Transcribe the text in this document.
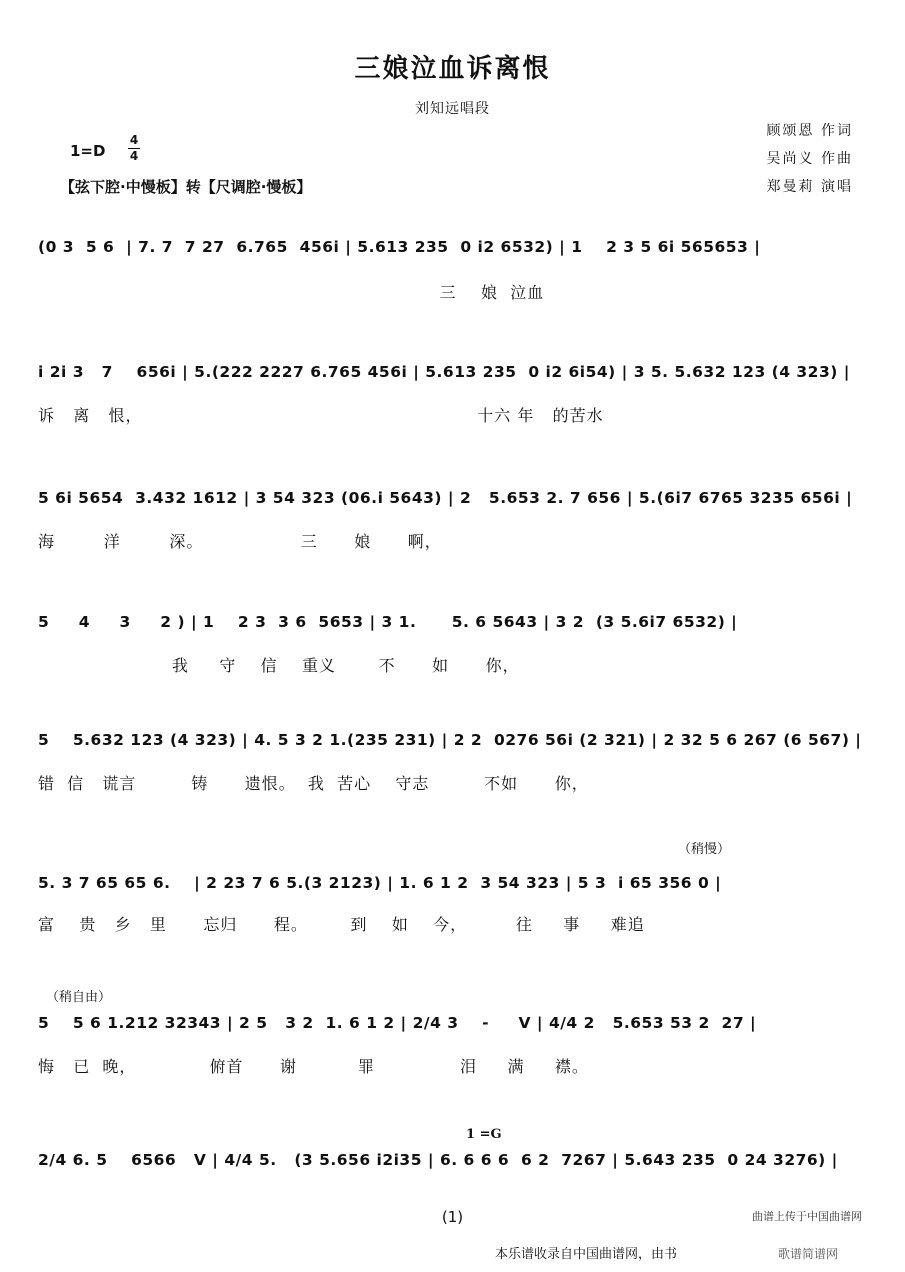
三娘泣血诉离恨
刘知远唱段
1=D
4
4
【弦下腔·中慢板】转【尺调腔·慢板】
顾颂恩 作词
吴尚义 作曲
郑曼莉 演唱
(0 3  5 6  | 7. 7  7 27  6.765  456i | 5.613 235  0 i2 6532) | 1    2 3 5 6i 565653 |
三    娘  泣血
i 2i 3   7    656i | 5.(222 2227 6.765 456i | 5.613 235  0 i2 6i54) | 3 5. 5.632 123 (4 323) |
诉   离   恨，                                                       十六 年   的苦水
5 6i 5654  3.432 1612 | 3 54 323 (06.i 5643) | 2   5.653 2. 7 656 | 5.(6i7 6765 3235 656i |
海        洋        深。                三      娘      啊，
5     4     3     2 ) | 1    2 3  3 6  5653 | 3 1.      5. 6 5643 | 3 2  (3 5.6i7 6532) |
我     守    信    重义       不      如      你，
5    5.632 123 (4 323) | 4. 5 3 2 1.(235 231) | 2 2  0276 56i (2 321) | 2 32 5 6 267 (6 567) |
错  信   谎言         铸      遗恨。  我  苦心    守志         不如      你，
（稍慢）
5. 3 7 65 65 6.    | 2 23 7 6 5.(3 2123) | 1. 6 1 2  3 54 323 | 5 3  i 65 356 0 |
富    贵   乡   里      忘归      程。       到    如    今，        往     事     难追
（稍自由）
5    5 6 1.212 32343 | 2 5   3 2  1. 6 1 2 | 2/4 3    -     V | 4/4 2   5.653 53 2  27 |
悔   已  晚，            俯首      谢          罪              泪     满     襟。
1 =G
2/4 6. 5    6566   V | 4/4 5.   (3 5.656 i2i35 | 6. 6 6 6  6 2  7267 | 5.643 235  0 24 3276) |
(1)	曲谱上传于中国曲谱网
本乐谱收录自中国曲谱网，由书	歌谱简谱网
